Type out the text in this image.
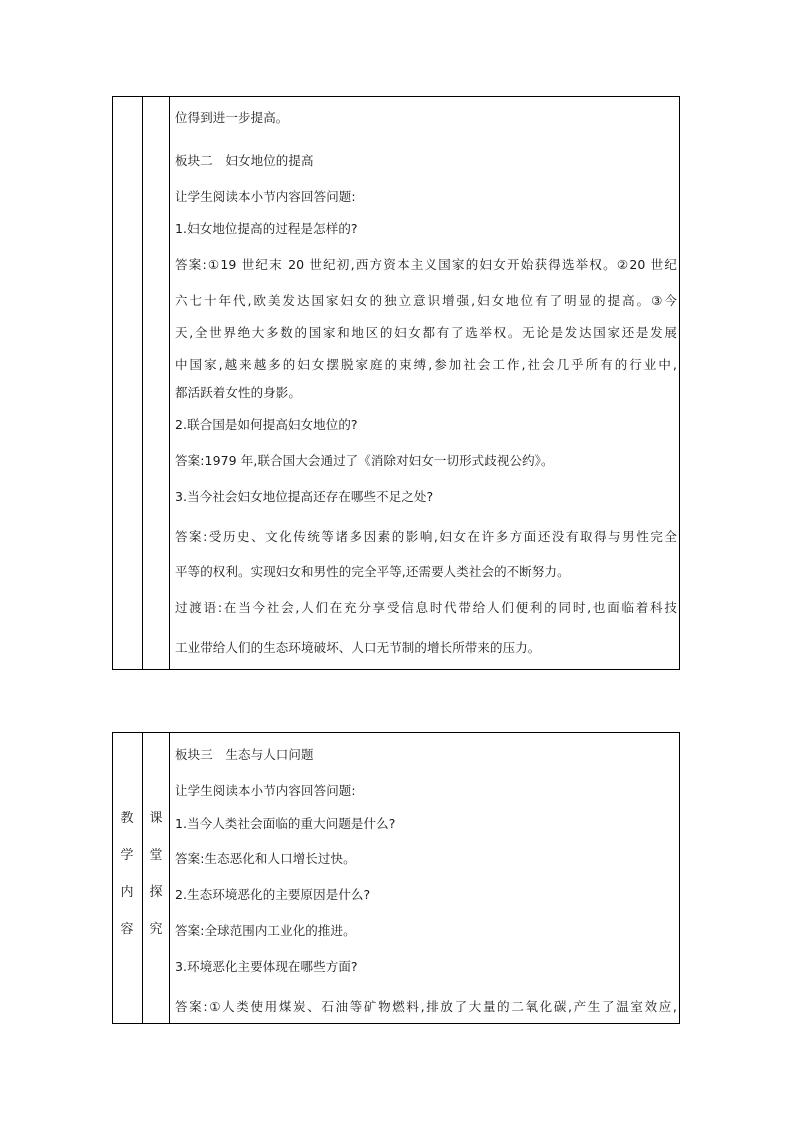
位得到进一步提高。
板块二　妇女地位的提高
让学生阅读本小节内容回答问题:
1.妇女地位提高的过程是怎样的?
答案:①19 世纪末 20 世纪初,西方资本主义国家的妇女开始获得选举权。②20 世纪
六七十年代,欧美发达国家妇女的独立意识增强,妇女地位有了明显的提高。③今
天,全世界绝大多数的国家和地区的妇女都有了选举权。无论是发达国家还是发展
中国家,越来越多的妇女摆脱家庭的束缚,参加社会工作,社会几乎所有的行业中,
都活跃着女性的身影。
2.联合国是如何提高妇女地位的?
答案:1979 年,联合国大会通过了《消除对妇女一切形式歧视公约》。
3.当今社会妇女地位提高还存在哪些不足之处?
答案:受历史、文化传统等诸多因素的影响,妇女在许多方面还没有取得与男性完全
平等的权利。实现妇女和男性的完全平等,还需要人类社会的不断努力。
过渡语:在当今社会,人们在充分享受信息时代带给人们便利的同时,也面临着科技
工业带给人们的生态环境破坏、人口无节制的增长所带来的压力。
教
学
内
容
课
堂
探
究
板块三　生态与人口问题
让学生阅读本小节内容回答问题:
1.当今人类社会面临的重大问题是什么?
答案:生态恶化和人口增长过快。
2.生态环境恶化的主要原因是什么?
答案:全球范围内工业化的推进。
3.环境恶化主要体现在哪些方面?
答案:①人类使用煤炭、石油等矿物燃料,排放了大量的二氧化碳,产生了温室效应,
